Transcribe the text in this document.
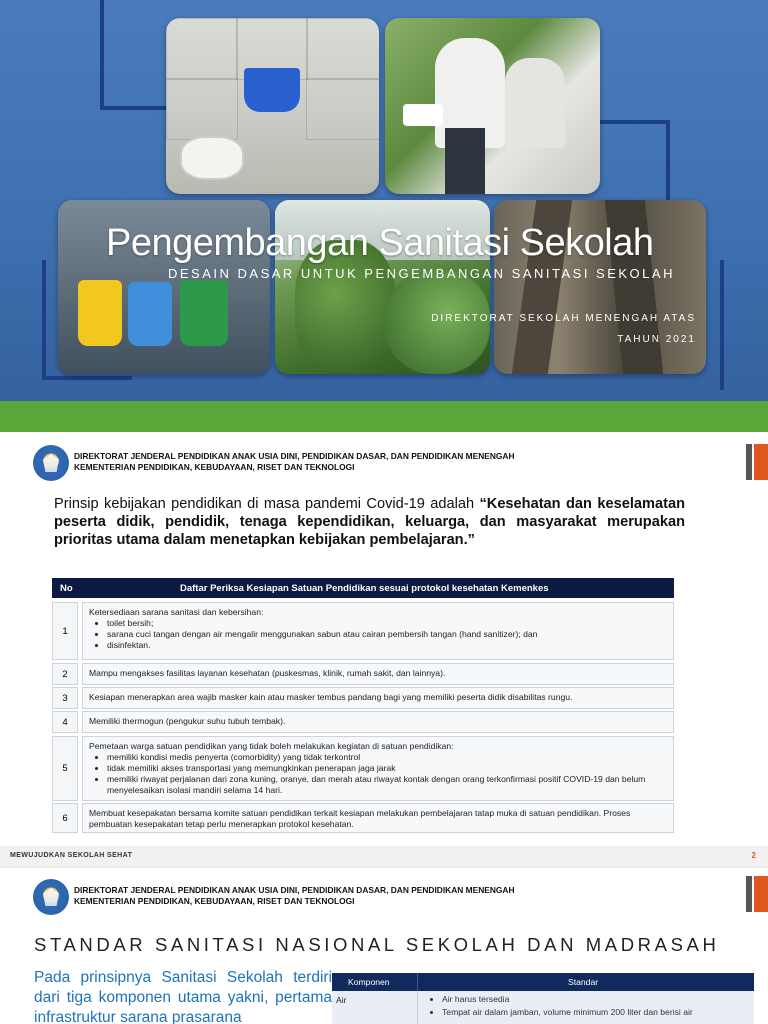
Pengembangan Sanitasi Sekolah
DESAIN DASAR UNTUK PENGEMBANGAN SANITASI SEKOLAH
DIREKTORAT SEKOLAH MENENGAH ATAS
TAHUN 2021
DIREKTORAT JENDERAL PENDIDIKAN ANAK USIA DINI, PENDIDIKAN DASAR, DAN PENDIDIKAN MENENGAH
KEMENTERIAN PENDIDIKAN, KEBUDAYAAN, RISET DAN TEKNOLOGI
Prinsip kebijakan pendidikan di masa pandemi Covid-19 adalah “Kesehatan dan keselamatan peserta didik, pendidik, tenaga kependidikan, keluarga, dan masyarakat merupakan prioritas utama dalam menetapkan kebijakan pembelajaran.”
No	Daftar Periksa Kesiapan Satuan Pendidikan sesuai protokol kesehatan Kemenkes
1
Ketersediaan sarana sanitasi dan kebersihan:
• toilet bersih;
• sarana cuci tangan dengan air mengalir menggunakan sabun atau cairan pembersih tangan (hand sanitizer); dan
• disinfektan.
2	Mampu mengakses fasilitas layanan kesehatan (puskesmas, klinik, rumah sakit, dan lainnya).
3	Kesiapan menerapkan area wajib masker kain atau masker tembus pandang bagi yang memiliki peserta didik disabilitas rungu.
4	Memiliki thermogun (pengukur suhu tubuh tembak).
5
Pemetaan warga satuan pendidikan yang tidak boleh melakukan kegiatan di satuan pendidikan:
• memiliki kondisi medis penyerta (comorbidity) yang tidak terkontrol
• tidak memiliki akses transportasi yang memungkinkan penerapan jaga jarak
• memiliki riwayat perjalanan dari zona kuning, oranye, dan merah atau riwayat kontak dengan orang terkonfirmasi positif COVID-19 dan belum menyelesaikan isolasi mandiri selama 14 hari.
6	Membuat kesepakatan bersama komite satuan pendidikan terkait kesiapan melakukan pembelajaran tatap muka di satuan pendidikan. Proses pembuatan kesepakatan tetap perlu menerapkan protokol kesehatan.
MEWUJUDKAN SEKOLAH SEHAT	2
DIREKTORAT JENDERAL PENDIDIKAN ANAK USIA DINI, PENDIDIKAN DASAR, DAN PENDIDIKAN MENENGAH
KEMENTERIAN PENDIDIKAN, KEBUDAYAAN, RISET DAN TEKNOLOGI
STANDAR SANITASI NASIONAL SEKOLAH DAN MADRASAH
Pada prinsipnya Sanitasi Sekolah terdiri dari tiga komponen utama yakni, pertama infrastruktur sarana prasarana
Komponen	Standar
Air
•	Air harus tersedia
• Tempat air dalam jamban, volume minimum 200 liter dan berisi air
